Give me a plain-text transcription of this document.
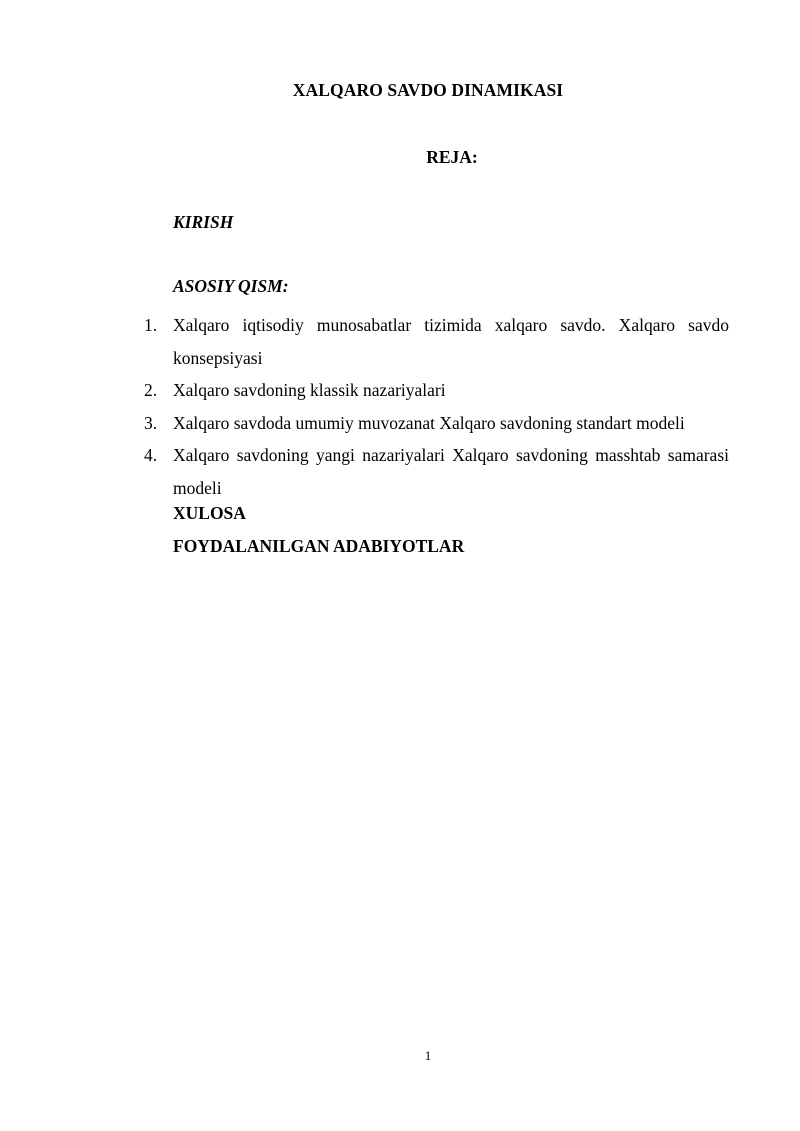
XALQARO SAVDO DINAMIKASI
REJA:
KIRISH
ASOSIY QISM:
1. Xalqaro iqtisodiy munosabatlar tizimida xalqaro savdo. Xalqaro savdo konsepsiyasi
2. Xalqaro savdoning klassik nazariyalari
3. Xalqaro savdoda umumiy muvozanat Xalqaro savdoning standart modeli
4. Xalqaro savdoning yangi nazariyalari Xalqaro savdoning masshtab samarasi modeli
XULOSA
FOYDALANILGAN ADABIYOTLAR
1
